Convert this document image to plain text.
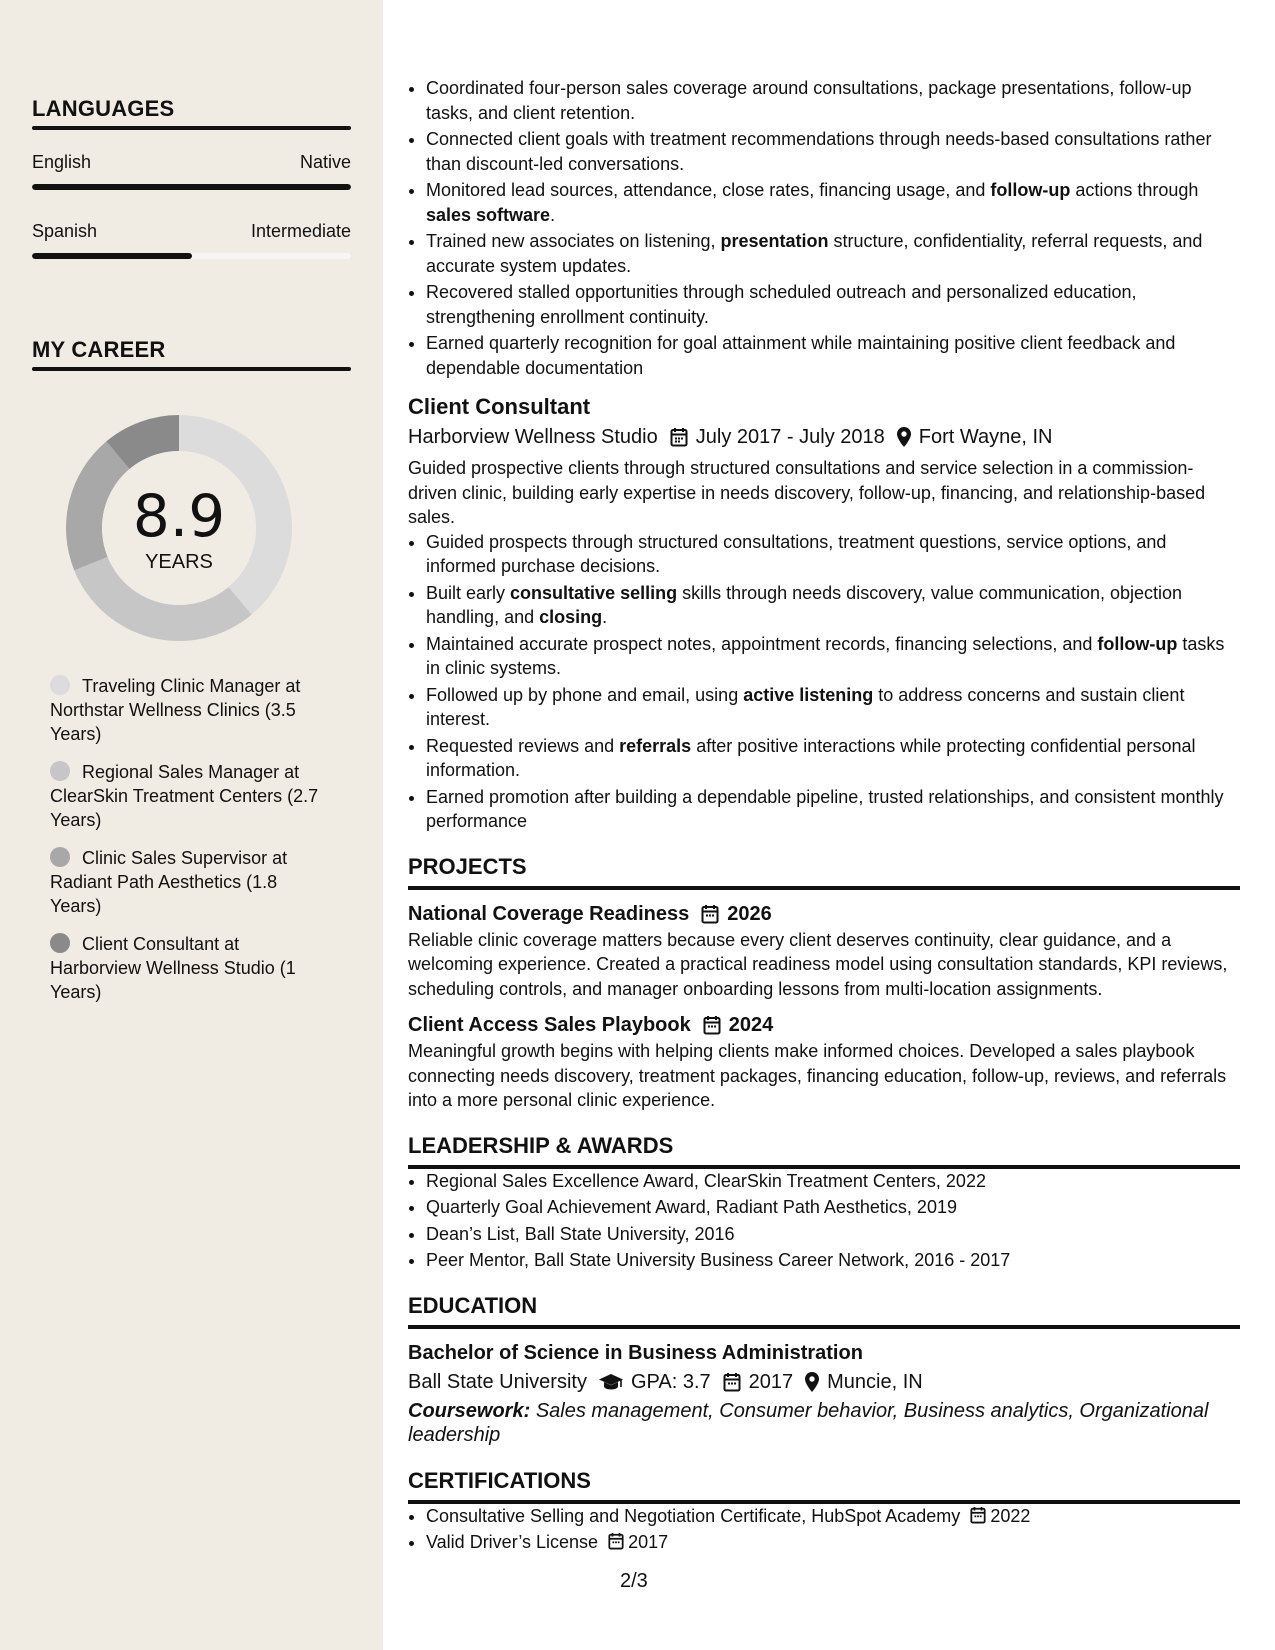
LANGUAGES
English	Native
Spanish	Intermediate
MY CAREER
8.9
YEARS
Traveling Clinic Manager at Northstar Wellness Clinics (3.5 Years)
Regional Sales Manager at ClearSkin Treatment Centers (2.7 Years)
Clinic Sales Supervisor at Radiant Path Aesthetics (1.8 Years)
Client Consultant at Harborview Wellness Studio (1 Years)
• Coordinated four-person sales coverage around consultations, package presentations, follow-up tasks, and client retention.
• Connected client goals with treatment recommendations through needs-based consultations rather than discount-led conversations.
• Monitored lead sources, attendance, close rates, financing usage, and follow-up actions through sales software.
• Trained new associates on listening, presentation structure, confidentiality, referral requests, and accurate system updates.
• Recovered stalled opportunities through scheduled outreach and personalized education, strengthening enrollment continuity.
• Earned quarterly recognition for goal attainment while maintaining positive client feedback and dependable documentation
Client Consultant
Harborview Wellness Studio July 2017 - July 2018 Fort Wayne, IN
Guided prospective clients through structured consultations and service selection in a commission-driven clinic, building early expertise in needs discovery, follow-up, financing, and relationship-based sales.
• Guided prospects through structured consultations, treatment questions, service options, and informed purchase decisions.
• Built early consultative selling skills through needs discovery, value communication, objection handling, and closing.
• Maintained accurate prospect notes, appointment records, financing selections, and follow-up tasks in clinic systems.
• Followed up by phone and email, using active listening to address concerns and sustain client interest.
• Requested reviews and referrals after positive interactions while protecting confidential personal information.
• Earned promotion after building a dependable pipeline, trusted relationships, and consistent monthly performance
PROJECTS
National Coverage Readiness 2026
Reliable clinic coverage matters because every client deserves continuity, clear guidance, and a welcoming experience. Created a practical readiness model using consultation standards, KPI reviews, scheduling controls, and manager onboarding lessons from multi-location assignments.
Client Access Sales Playbook 2024
Meaningful growth begins with helping clients make informed choices. Developed a sales playbook connecting needs discovery, treatment packages, financing education, follow-up, reviews, and referrals into a more personal clinic experience.
LEADERSHIP & AWARDS
• Regional Sales Excellence Award, ClearSkin Treatment Centers, 2022
• Quarterly Goal Achievement Award, Radiant Path Aesthetics, 2019
• Dean’s List, Ball State University, 2016
• Peer Mentor, Ball State University Business Career Network, 2016 - 2017
EDUCATION
Bachelor of Science in Business Administration
Ball State University GPA: 3.7 2017 Muncie, IN
Coursework: Sales management, Consumer behavior, Business analytics, Organizational leadership
CERTIFICATIONS
• Consultative Selling and Negotiation Certificate, HubSpot Academy 2022
• Valid Driver’s License 2017
2/3
